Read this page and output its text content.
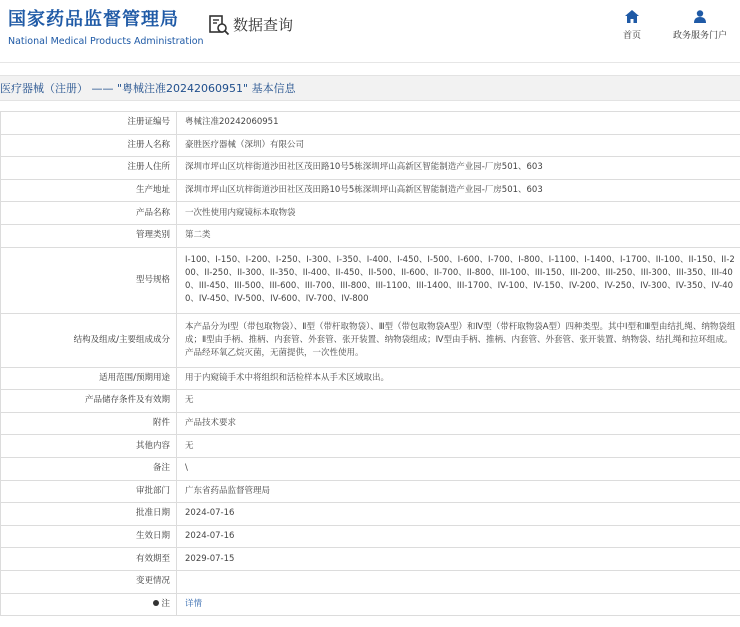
国家药品监督管理局
National Medical Products Administration
数据查询
首页	政务服务门户
医疗器械（注册） —— "粤械注准20242060951" 基本信息
注册证编号	粤械注准20242060951
注册人名称	豪胜医疗器械（深圳）有限公司
注册人住所	深圳市坪山区坑梓街道沙田社区茂田路10号5栋深圳坪山高新区智能制造产业园-厂房501、603
生产地址	深圳市坪山区坑梓街道沙田社区茂田路10号5栋深圳坪山高新区智能制造产业园-厂房501、603
产品名称	一次性使用内窥镜标本取物袋
管理类别	第二类
型号规格	I-100、I-150、I-200、I-250、I-300、I-350、I-400、I-450、I-500、I-600、I-700、I-800、I-1100、I-1400、I-1700、II-100、II-150、II-200、II-250、II-300、II-350、II-400、II-450、II-500、II-600、II-700、II-800、III-100、III-150、III-200、III-250、III-300、III-350、III-400、III-450、III-500、III-600、III-700、III-800、III-1100、III-1400、III-1700、IV-100、IV-150、IV-200、IV-250、IV-300、IV-350、IV-400、IV-450、IV-500、IV-600、IV-700、IV-800
结构及组成/主要组成成分	本产品分为Ⅰ型（带包取物袋）、Ⅱ型（带杆取物袋）、Ⅲ型（带包取物袋A型）和Ⅳ型（带杆取物袋A型）四种类型。其中Ⅰ型和Ⅲ型由结扎绳、纳物袋组成；Ⅱ型由手柄、推柄、内套管、外套管、张开装置、纳物袋组成；Ⅳ型由手柄、推柄、内套管、外套管、张开装置、纳物袋、结扎绳和拉环组成。产品经环氧乙烷灭菌，无菌提供，一次性使用。
适用范围/预期用途	用于内窥镜手术中将组织和活检样本从手术区域取出。
产品储存条件及有效期	无
附件	产品技术要求
其他内容	无
备注	\
审批部门	广东省药品监督管理局
批准日期	2024-07-16
生效日期	2024-07-16
有效期至	2029-07-15
变更情况	
注	详情
